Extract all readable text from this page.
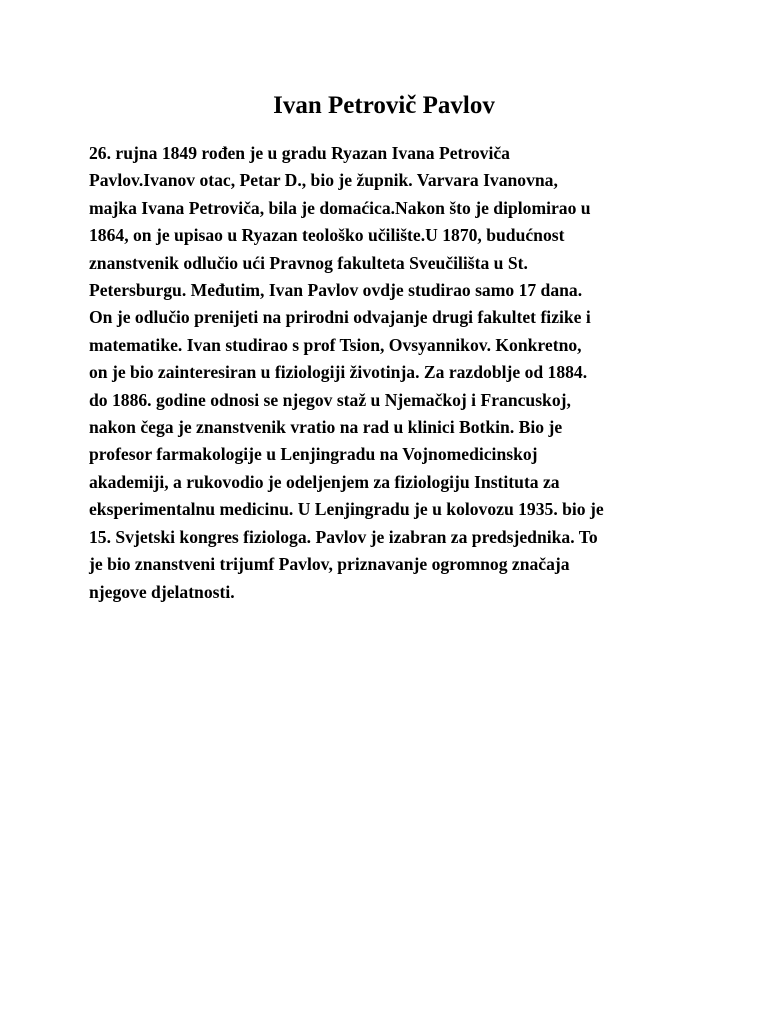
Ivan Petrovič Pavlov
26. rujna 1849 rođen je u gradu Ryazan Ivana Petroviča
Pavlov.Ivanov otac, Petar D., bio je župnik. Varvara Ivanovna,
majka Ivana Petroviča, bila je domaćica.Nakon što je diplomirao u
1864, on je upisao u Ryazan teološko učilište.U 1870, budućnost
znanstvenik odlučio ući Pravnog fakulteta Sveučilišta u St.
Petersburgu. Međutim, Ivan Pavlov ovdje studirao samo 17 dana.
On je odlučio prenijeti na prirodni odvajanje drugi fakultet fizike i
matematike. Ivan studirao s prof Tsion, Ovsyannikov. Konkretno,
on je bio zainteresiran u fiziologiji životinja. Za razdoblje od 1884.
do 1886. godine odnosi se njegov staž u Njemačkoj i Francuskoj,
nakon čega je znanstvenik vratio na rad u klinici Botkin. Bio je
profesor farmakologije u Lenjingradu na Vojnomedicinskoj
akademiji, a rukovodio je odeljenjem za fiziologiju Instituta za
eksperimentalnu medicinu. U Lenjingradu je u kolovozu 1935. bio je
15. Svjetski kongres fiziologa. Pavlov je izabran za predsjednika. To
je bio znanstveni trijumf Pavlov, priznavanje ogromnog značaja
njegove djelatnosti.
